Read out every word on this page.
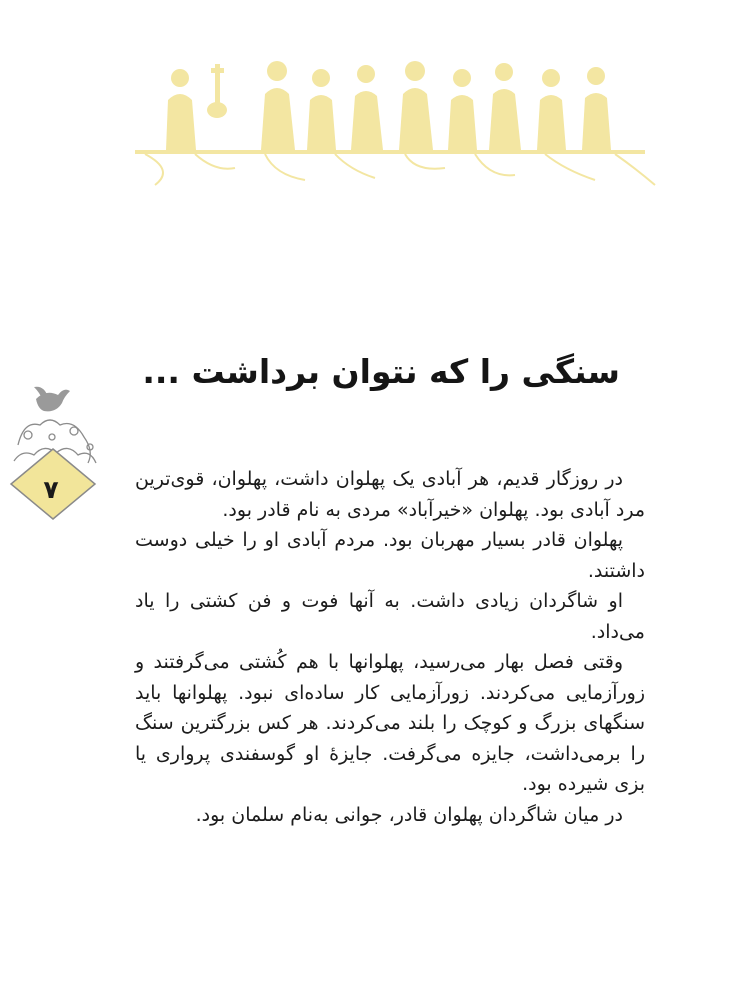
سنگی را که نتوان برداشت ...
۷	در روزگار قدیم، هر آبادی یک پهلوان داشت، پهلوان، قوی‌ترین مرد آبادی بود. پهلوان «خیرآباد» مردی به نام قادر بود.

پهلوان قادر بسیار مهربان بود. مردم آبادی او را خیلی دوست داشتند.

او شاگردان زیادی داشت. به آنها فوت و فن کشتی را یاد می‌داد.

وقتی فصل بهار می‌رسید، پهلوانها با هم کُشتی می‌گرفتند و زورآزمایی می‌کردند. زورآزمایی کار ساده‌ای نبود. پهلوانها باید سنگهای بزرگ و کوچک را بلند می‌کردند. هر کس بزرگترین سنگ را برمی‌داشت، جایزه می‌گرفت. جایزهٔ او گوسفندی پرواری یا بزی شیرده بود.

در میان شاگردان پهلوان قادر، جوانی به‌نام سلمان بود.
